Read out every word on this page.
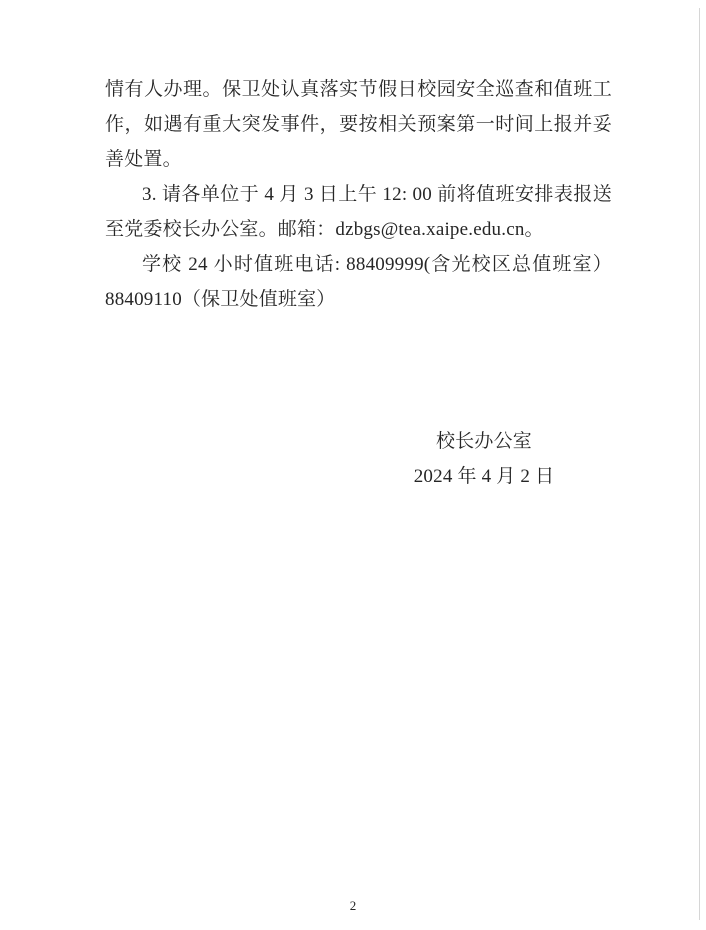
情有人办理。保卫处认真落实节假日校园安全巡查和值班工
作，如遇有重大突发事件，要按相关预案第一时间上报并妥
善处置。
3. 请各单位于 4 月 3 日上午 12: 00 前将值班安排表报送
至党委校长办公室。邮箱：dzbgs@tea.xaipe.edu.cn。
学校 24 小时值班电话: 88409999(含光校区总值班室）
88409110（保卫处值班室）
校长办公室
2024 年 4 月 2 日
2
